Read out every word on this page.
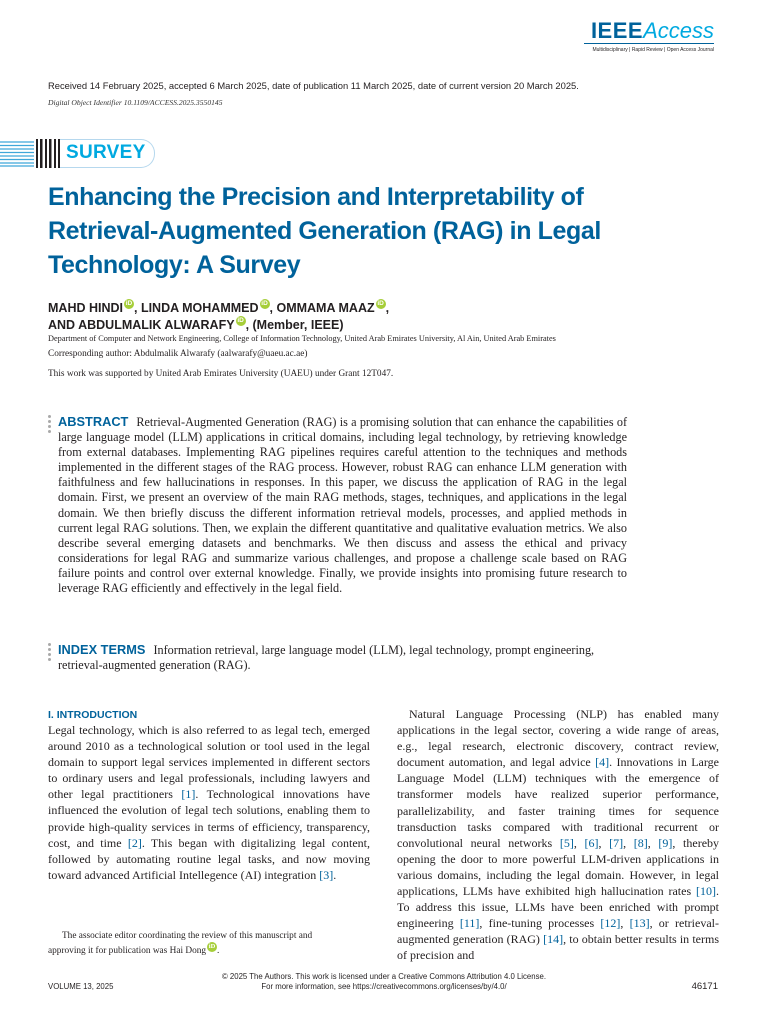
IEEEAccess
Multidisciplinary | Rapid Review | Open Access Journal
Received 14 February 2025, accepted 6 March 2025, date of publication 11 March 2025, date of current version 20 March 2025.
Digital Object Identifier 10.1109/ACCESS.2025.3550145
SURVEY
Enhancing the Precision and Interpretability of Retrieval-Augmented Generation (RAG) in Legal Technology: A Survey
MAHD HINDI iD , LINDA MOHAMMED iD , OMMAMA MAAZ iD ,
AND ABDULMALIK ALWARAFY iD , (Member, IEEE)
Department of Computer and Network Engineering, College of Information Technology, United Arab Emirates University, Al Ain, United Arab Emirates
Corresponding author: Abdulmalik Alwarafy (aalwarafy@uaeu.ac.ae)
This work was supported by United Arab Emirates University (UAEU) under Grant 12T047.
ABSTRACT Retrieval-Augmented Generation (RAG) is a promising solution that can enhance the capabilities of large language model (LLM) applications in critical domains, including legal technology, by retrieving knowledge from external databases. Implementing RAG pipelines requires careful attention to the techniques and methods implemented in the different stages of the RAG process. However, robust RAG can enhance LLM generation with faithfulness and few hallucinations in responses. In this paper, we discuss the application of RAG in the legal domain. First, we present an overview of the main RAG methods, stages, techniques, and applications in the legal domain. We then briefly discuss the different information retrieval models, processes, and applied methods in current legal RAG solutions. Then, we explain the different quantitative and qualitative evaluation metrics. We also describe several emerging datasets and benchmarks. We then discuss and assess the ethical and privacy considerations for legal RAG and summarize various challenges, and propose a challenge scale based on RAG failure points and control over external knowledge. Finally, we provide insights into promising future research to leverage RAG efficiently and effectively in the legal field.
INDEX TERMS Information retrieval, large language model (LLM), legal technology, prompt engineering, retrieval-augmented generation (RAG).
I. INTRODUCTION

Legal technology, which is also referred to as legal tech, emerged around 2010 as a technological solution or tool used in the legal domain to support legal services implemented in different sectors to ordinary users and legal professionals, including lawyers and other legal practitioners [1]. Technological innovations have influenced the evolution of legal tech solutions, enabling them to provide high-quality services in terms of efficiency, transparency, cost, and time [2]. This began with digitalizing legal content, followed by automating routine legal tasks, and now moving toward advanced Artificial Intellegence (AI) integration [3].

Natural Language Processing (NLP) has enabled many applications in the legal sector, covering a wide range of areas, e.g., legal research, electronic discovery, contract review, document automation, and legal advice [4]. Innovations in Large Language Model (LLM) techniques with the emergence of transformer models have realized superior performance, parallelizability, and faster training times for sequence transduction tasks compared with traditional recurrent or convolutional neural networks [5], [6], [7], [8], [9], thereby opening the door to more powerful LLM-driven applications in various domains, including the legal domain. However, in legal applications, LLMs have exhibited high hallucination rates [10]. To address this issue, LLMs have been enriched with prompt engineering [11], fine-tuning processes [12], [13], or retrieval-augmented generation (RAG) [14], to obtain better results in terms of precision and

The associate editor coordinating the review of this manuscript and
approving it for publication was Hai Dong iD .
© 2025 The Authors. This work is licensed under a Creative Commons Attribution 4.0 License.
For more information, see https://creativecommons.org/licenses/by/4.0/
VOLUME 13, 2025	46171
